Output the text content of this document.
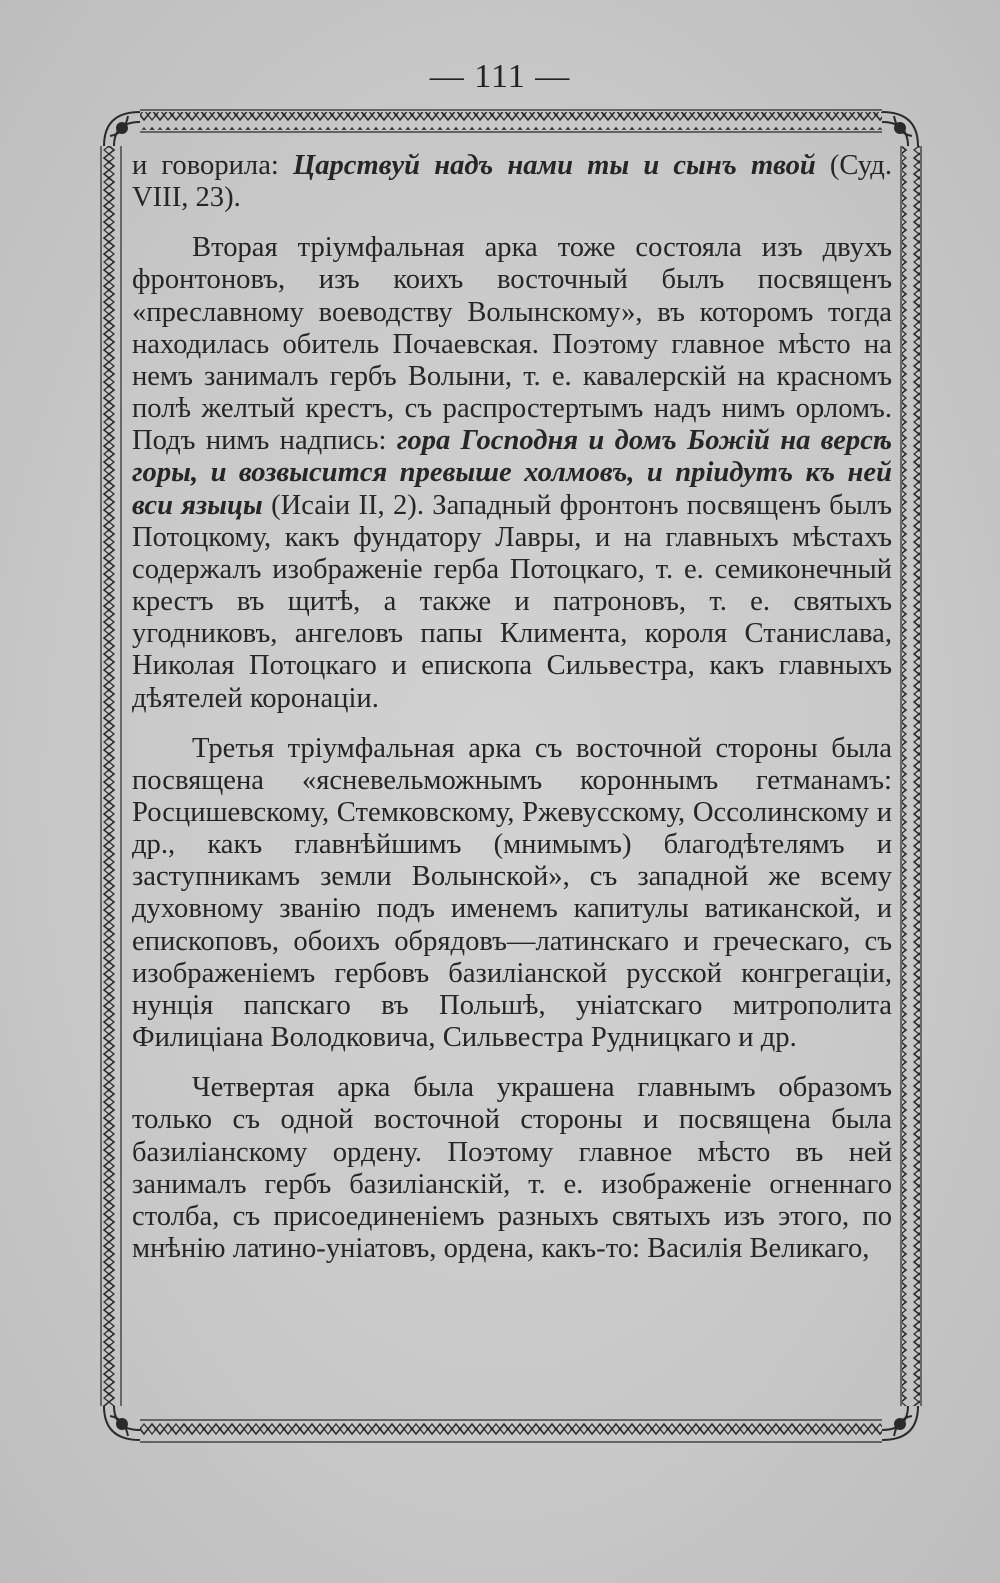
— 111 —

и говорила: Царствуй надъ нами ты и сынъ твой (Суд. VIII, 23).

Вторая тріумфальная арка тоже состояла изъ двухъ фронтоновъ, изъ коихъ восточный былъ посвященъ «преславному воеводству Волынскому», въ которомъ тогда находилась обитель Почаевская. Поэтому главное мѣсто на немъ занималъ гербъ Волыни, т. е. кавалерскій на красномъ полѣ желтый крестъ, съ распростертымъ надъ нимъ орломъ. Подъ нимъ надпись: гора Господня и домъ Божій на версѣ горы, и возвысится превыше холмовъ, и пріидутъ къ ней вси языцы (Исаіи II, 2). Западный фронтонъ посвященъ былъ Потоцкому, какъ фундатору Лавры, и на главныхъ мѣстахъ содержалъ изображеніе герба Потоцкаго, т. е. семиконечный крестъ въ щитѣ, а также и патроновъ, т. е. святыхъ угодниковъ, ангеловъ папы Климента, короля Станислава, Николая Потоцкаго и епископа Сильвестра, какъ главныхъ дѣятелей коронаціи.

Третья тріумфальная арка съ восточной стороны была посвящена «ясневельможнымъ короннымъ гетманамъ: Росцишевскому, Стемковскому, Ржевусскому, Оссолинскому и др., какъ главнѣйшимъ (мнимымъ) благодѣтелямъ и заступникамъ земли Волынской», съ западной же всему духовному званію подъ именемъ капитулы ватиканской, и епископовъ, обоихъ обрядовъ—латинскаго и греческаго, съ изображеніемъ гербовъ базиліанской русской конгрегаціи, нунція папскаго въ Польшѣ, уніатскаго митрополита Филиціана Володковича, Сильвестра Рудницкаго и др.

Четвертая арка была украшена главнымъ образомъ только съ одной восточной стороны и посвящена была базиліанскому ордену. Поэтому главное мѣсто въ ней занималъ гербъ базиліанскій, т. е. изображеніе огненнаго столба, съ присоединеніемъ разныхъ святыхъ изъ этого, по мнѣнію латино-уніатовъ, ордена, какъ-то: Василія Великаго,
